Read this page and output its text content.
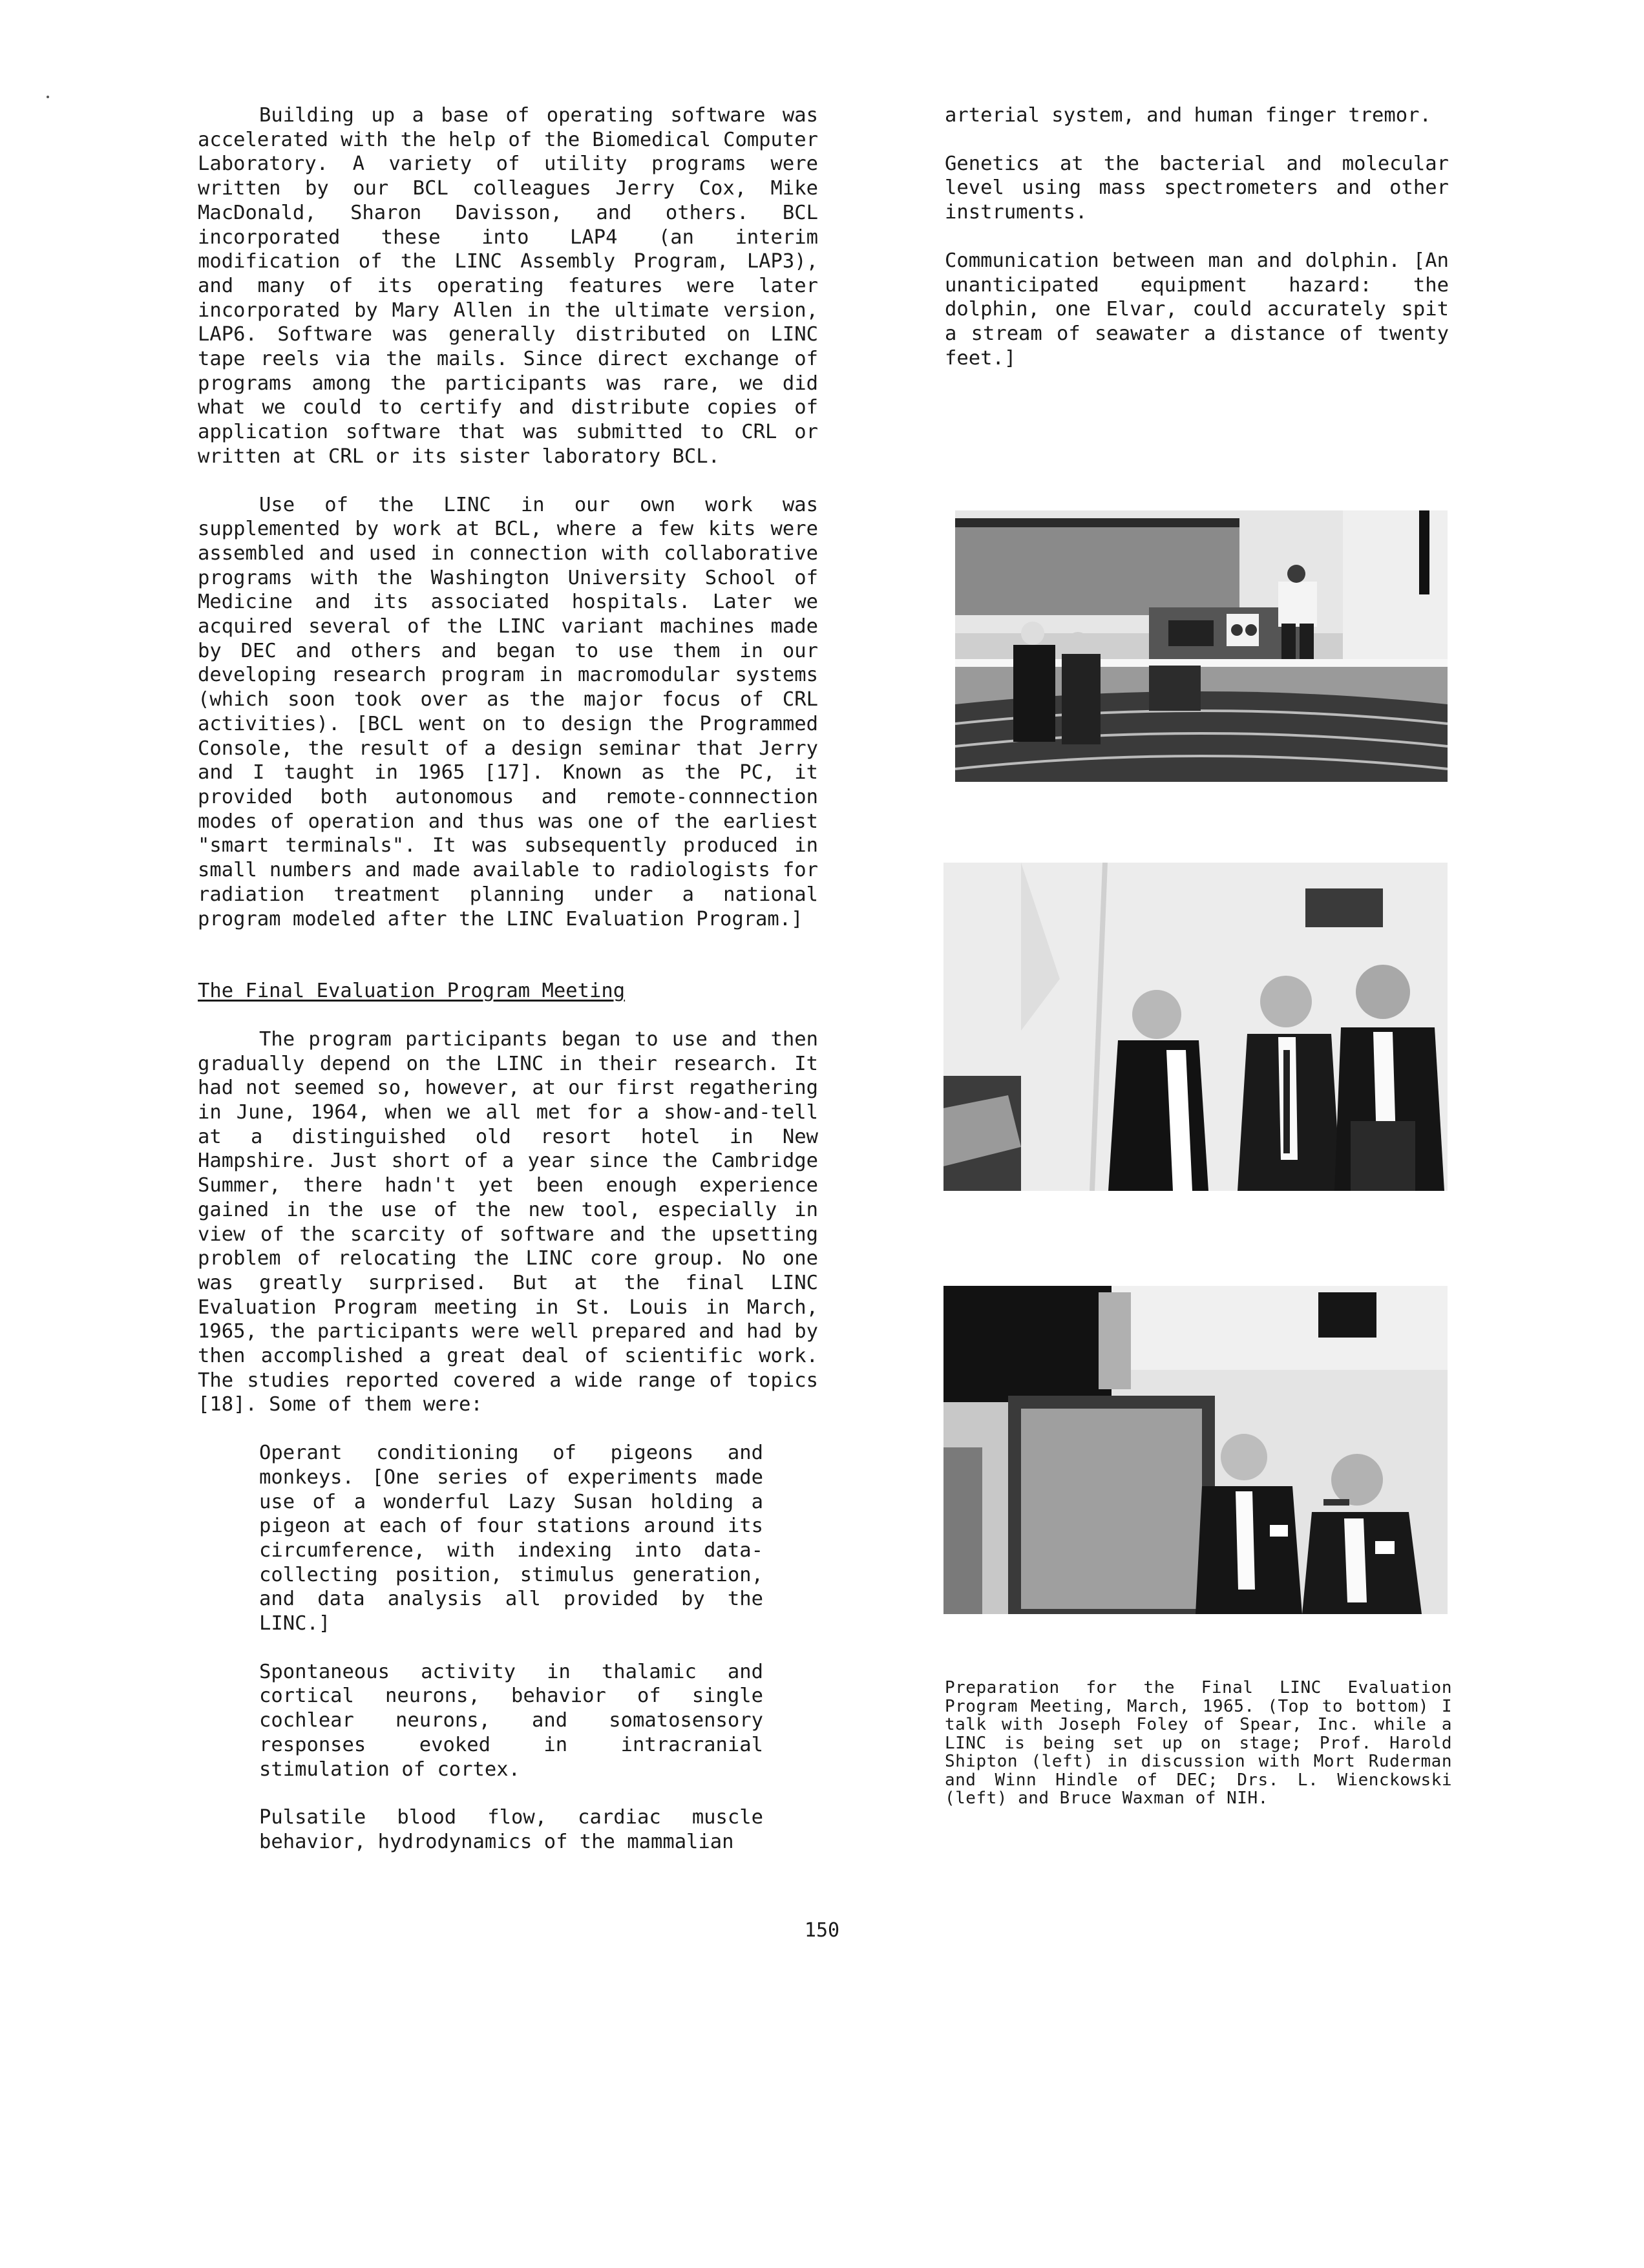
Building up a base of operating software was accelerated with the help of the Biomedical Computer Laboratory. A variety of utility programs were written by our BCL colleagues Jerry Cox, Mike MacDonald, Sharon Davisson, and others. BCL incorporated these into LAP4 (an interim modification of the LINC Assembly Program, LAP3), and many of its operating features were later incorporated by Mary Allen in the ultimate version, LAP6. Software was generally distributed on LINC tape reels via the mails. Since direct exchange of programs among the participants was rare, we did what we could to certify and distribute copies of application software that was submitted to CRL or written at CRL or its sister laboratory BCL.

Use of the LINC in our own work was supplemented by work at BCL, where a few kits were assembled and used in connection with collaborative programs with the Washington University School of Medicine and its associated hospitals. Later we acquired several of the LINC variant machines made by DEC and others and began to use them in our developing research program in macromodular systems (which soon took over as the major focus of CRL activities). [BCL went on to design the Programmed Console, the result of a design seminar that Jerry and I taught in 1965 [17]. Known as the PC, it provided both autonomous and remote-connnection modes of operation and thus was one of the earliest "smart terminals". It was subsequently produced in small numbers and made available to radiologists for radiation treatment planning under a national program modeled after the LINC Evaluation Program.]

The Final Evaluation Program Meeting

The program participants began to use and then gradually depend on the LINC in their research. It had not seemed so, however, at our first regathering in June, 1964, when we all met for a show-and-tell at a distinguished old resort hotel in New Hampshire. Just short of a year since the Cambridge Summer, there hadn't yet been enough experience gained in the use of the new tool, especially in view of the scarcity of software and the upsetting problem of relocating the LINC core group. No one was greatly surprised. But at the final LINC Evaluation Program meeting in St. Louis in March, 1965, the participants were well prepared and had by then accomplished a great deal of scientific work. The studies reported covered a wide range of topics [18]. Some of them were:

Operant conditioning of pigeons and monkeys. [One series of experiments made use of a wonderful Lazy Susan holding a pigeon at each of four stations around its circumference, with indexing into data-collecting position, stimulus generation, and data analysis all provided by the LINC.]

Spontaneous activity in thalamic and cortical neurons, behavior of single cochlear neurons, and somatosensory responses evoked in intracranial stimulation of cortex.

Pulsatile blood flow, cardiac muscle behavior, hydrodynamics of the mammalian

arterial system, and human finger tremor.

Genetics at the bacterial and molecular level using mass spectrometers and other instruments.

Communication between man and dolphin. [An unanticipated equipment hazard: the dolphin, one Elvar, could accurately spit a stream of seawater a distance of twenty feet.]

Preparation for the Final LINC Evaluation Program Meeting, March, 1965. (Top to bottom) I talk with Joseph Foley of Spear, Inc. while a LINC is being set up on stage; Prof. Harold Shipton (left) in discussion with Mort Ruderman and Winn Hindle of DEC; Drs. L. Wienckowski (left) and Bruce Waxman of NIH.

150
